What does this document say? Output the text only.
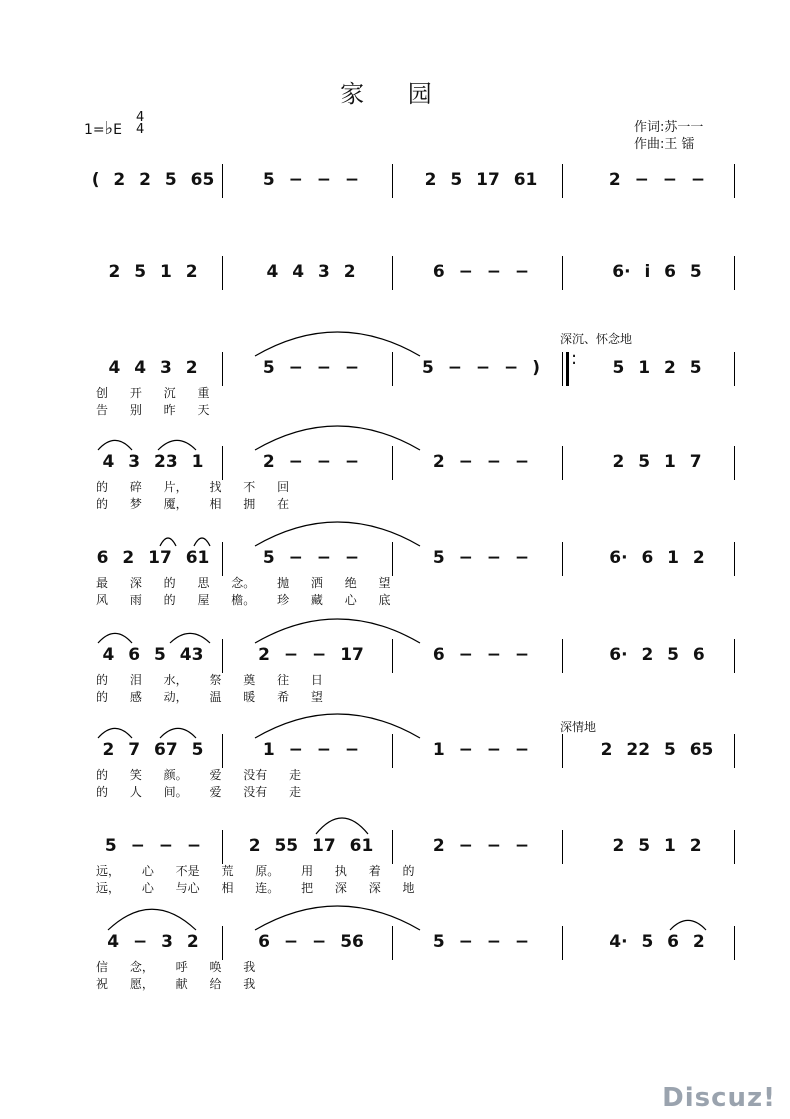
家 园
1=♭E
4
4	作词:苏一一
作曲:王 镭
( 2 2 5 65	5 − − −	2 5 17 61	2 − − −
2 5 1 2	4 4 3 2	6 − − −	6· i 6 5
:
4 4 3 2	5 − − −	5 − − − )	5 1 2 5
创 开 沉 重
告 别 昨 天
4 3 23 1	2 − − −	2 − − −	2 5 1 7
的 碎 片， 找 不 回
的 梦 魇， 相 拥 在
6 2 17 61	5 − − −	5 − − −	6· 6 1 2
最 深 的 思 念。 抛 洒 绝 望
风 雨 的 屋 檐。 珍 藏 心 底
4 6 5 43	2 − − 17	6 − − −	6· 2 5 6
的 泪 水， 祭 奠 往 日
的 感 动， 温 暖 希 望
2 7 67 5	1 − − −	1 − − −	2 22 5 65
的 笑 颜。 爱 没有 走
的 人 间。 爱 没有 走
5 − − −	2 55 17 61	2 − − −	2 5 1 2
远， 心 不是 荒 原。 用 执 着 的
远， 心 与心 相 连。 把 深 深 地
4 − 3 2	6 − − 56	5 − − −	4· 5 6 2
信 念， 呼 唤 我
祝 愿， 献 给 我
深沉、怀念地
深情地
Discuz!
